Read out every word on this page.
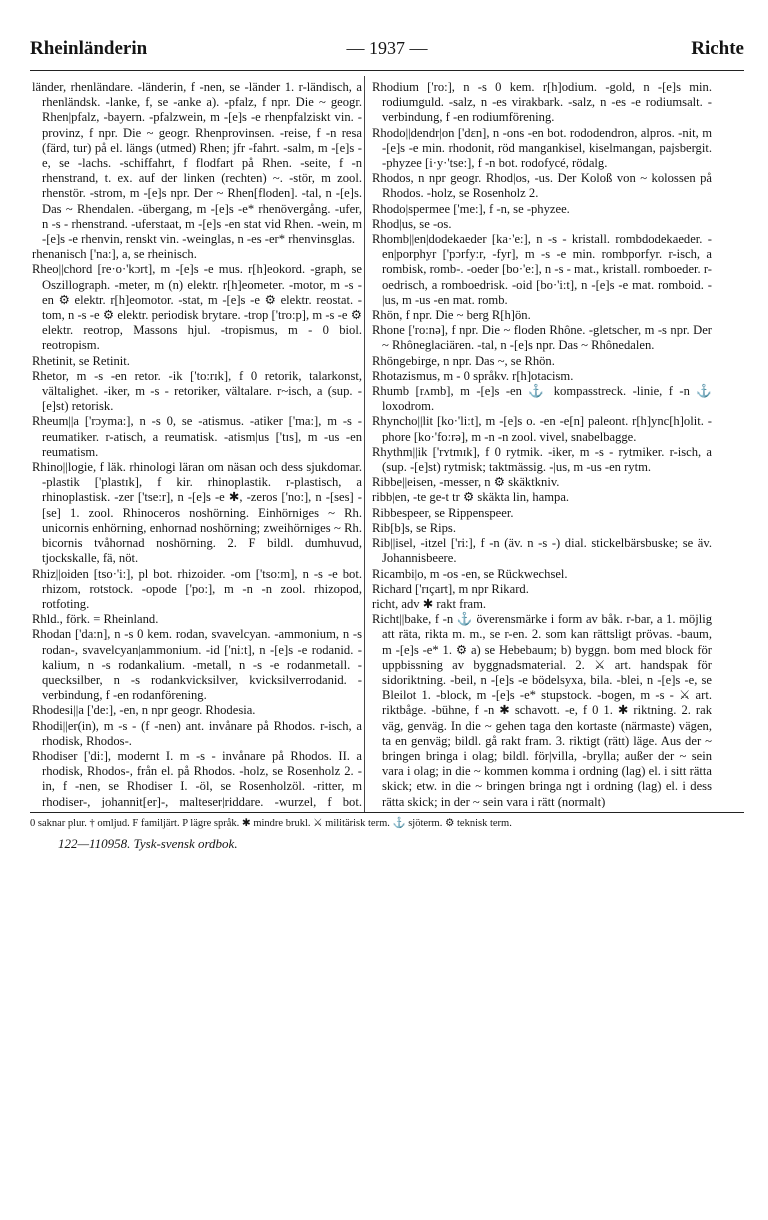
Rheinländerin	— 1937 —	Richte

länder, rhenländare. -länderin, f -nen, se -länder 1. r-ländisch, a rhenländsk. -lanke, f, se -anke a). -pfalz, f npr. Die ~ geogr. Rhen|pfalz, -bayern. -pfalzwein, m -[e]s -e rhenpfalziskt vin. -provinz, f npr. Die ~ geogr. Rhenprovinsen. -reise, f -n resa (färd, tur) på el. längs (utmed) Rhen; jfr -fahrt. -salm, m -[e]s -e, se -lachs. -schiffahrt, f flodfart på Rhen. -seite, f -n rhenstrand, t. ex. auf der linken (rechten) ~. -stör, m zool. rhenstör. -strom, m -[e]s npr. Der ~ Rhen[floden]. -tal, n -[e]s. Das ~ Rhendalen. -übergang, m -[e]s -e* rhenövergång. -ufer, n -s - rhenstrand. -uferstaat, m -[e]s -en stat vid Rhen. -wein, m -[e]s -e rhenvin, renskt vin. -weinglas, n -es -er* rhenvinsglas.

rhenanisch ['na:], a, se rheinisch.

Rheo||chord [re·o·'kɔrt], m -[e]s -e mus. r[h]eokord. -graph, se Oszillograph. -meter, m (n) elektr. r[h]eometer. -motor, m -s -en ⚙ elektr. r[h]eomotor. -stat, m -[e]s -e ⚙ elektr. reostat. -tom, n -s -e ⚙ elektr. periodisk brytare. -trop ['tro:p], m -s -e ⚙ elektr. reotrop, Massons hjul. -tropismus, m - 0 biol. reotropism.

Rhetinit, se Retinit.

Rhetor, m -s -en retor. -ik ['to:rɪk], f 0 retorik, talarkonst, vältalighet. -iker, m -s - retoriker, vältalare. r~isch, a (sup. -[e]st) retorisk.

Rheum||a ['rɔyma:], n -s 0, se -atismus. -atiker ['ma:], m -s - reumatiker. r-atisch, a reumatisk. -atism|us ['tɪs], m -us -en reumatism.

Rhino||logie, f läk. rhinologi läran om näsan och dess sjukdomar. -plastik ['plastɪk], f kir. rhinoplastik. r-plastisch, a rhinoplastisk. -zer ['tse:r], n -[e]s -e ✱, -zeros ['no:], n -[ses] -[se] 1. zool. Rhinoceros noshörning. Einhörniges ~ Rh. unicornis enhörning, enhornad noshörning; zweihörniges ~ Rh. bicornis tvåhornad noshörning. 2. F bildl. dumhuvud, tjockskalle, fä, nöt.

Rhiz||oiden [tso·'i:], pl bot. rhizoider. -om ['tso:m], n -s -e bot. rhizom, rotstock. -opode ['po:], m -n -n zool. rhizopod, rotfoting.

Rhld., förk. = Rheinland.

Rhodan ['da:n], n -s 0 kem. rodan, svavelcyan. -ammonium, n -s rodan-, svavelcyan|ammonium. -id ['ni:t], n -[e]s -e rodanid. -kalium, n -s rodankalium. -metall, n -s -e rodanmetall. -quecksilber, n -s rodankvicksilver, kvicksilverrodanid. -verbindung, f -en rodanförening.

Rhodesi||a ['de:], -en, n npr geogr. Rhodesia.

Rhodi||er(in), m -s - (f -nen) ant. invånare på Rhodos. r-isch, a rhodisk, Rhodos-.

Rhodiser ['di:], modernt I. m -s - invånare på Rhodos. II. a rhodisk, Rhodos-, från el. på Rhodos. -holz, se Rosenholz 2. -in, f -nen, se Rhodiser I. -öl, se Rosenholzöl. -ritter, m rhodiser-, johannit[er]-, malteser|riddare. -wurzel, f bot.

Rhodium ['ro:], n -s 0 kem. r[h]odium. -gold, n -[e]s min. rodiumguld. -salz, n -es virakbark. -salz, n -es -e rodiumsalt. -verbindung, f -en rodiumförening.

Rhodo||dendr|on ['dɛn], n -ons -en bot. rododendron, alpros. -nit, m -[e]s -e min. rhodonit, röd mangankisel, kiselmangan, pajsbergit. -phyzee [i·y·'tse:], f -n bot. rodofycé, rödalg.

Rhodos, n npr geogr. Rhod|os, -us. Der Koloß von ~ kolossen på Rhodos. -holz, se Rosenholz 2.

Rhodo|spermee ['me:], f -n, se -phyzee.

Rhod|us, se -os.

Rhomb||en|dodekaeder [ka·'e:], n -s - kristall. rombdodekaeder. -en|porphyr ['pɔrfy:r, -fyr], m -s -e min. rombporfyr. r-isch, a rombisk, romb-. -oeder [bo·'e:], n -s - mat., kristall. romboeder. r-oedrisch, a romboedrisk. -oid [bo·'i:t], n -[e]s -e mat. romboid. -|us, m -us -en mat. romb.

Rhön, f npr. Die ~ berg R[h]ön.

Rhone ['ro:nə], f npr. Die ~ floden Rhône. -gletscher, m -s npr. Der ~ Rhôneglaciären. -tal, n -[e]s npr. Das ~ Rhônedalen.

Rhöngebirge, n npr. Das ~, se Rhön.

Rhotazismus, m - 0 språkv. r[h]otacism.

Rhumb [rʌmb], m -[e]s -en ⚓ kompasstreck. -linie, f -n ⚓ loxodrom.

Rhyncho||lit [ko·'li:t], m -[e]s o. -en -e[n] paleont. r[h]ync[h]olit. -phore [ko·'fo:rə], m -n -n zool. vivel, snabelbagge.

Rhythm||ik ['rʏtmɪk], f 0 rytmik. -iker, m -s - rytmiker. r-isch, a (sup. -[e]st) rytmisk; taktmässig. -|us, m -us -en rytm.

Ribbe||eisen, -messer, n ⚙ skäktkniv.

ribb|en, -te ge-t tr ⚙ skäkta lin, hampa.

Ribbespeer, se Rippenspeer.

Rib[b]s, se Rips.

Rib||isel, -itzel ['ri:], f -n (äv. n -s -) dial. stickelbärsbuske; se äv. Johannisbeere.

Ricambi|o, m -os -en, se Rückwechsel.

Richard ['rɪçart], m npr Rikard.

richt, adv ✱ rakt fram.

Richt||bake, f -n ⚓ överensmärke i form av båk. r-bar, a 1. möjlig att räta, rikta m. m., se r-en. 2. som kan rättsligt prövas. -baum, m -[e]s -e* 1. ⚙ a) se Hebebaum; b) byggn. bom med block för uppbissning av byggnadsmaterial. 2. ⚔ art. handspak för sidoriktning. -beil, n -[e]s -e bödelsyxa, bila. -blei, n -[e]s -e, se Bleilot 1. -block, m -[e]s -e* stupstock. -bogen, m -s - ⚔ art. riktbåge. -bühne, f -n ✱ schavott. -e, f 0 1. ✱ riktning. 2. rak väg, genväg. In die ~ gehen taga den kortaste (närmaste) vägen, ta en genväg; bildl. gå rakt fram. 3. riktigt (rätt) läge. Aus der ~ bringen bringa i olag; bildl. för|villa, -brylla; außer der ~ sein vara i olag; in die ~ kommen komma i ordning (lag) el. i sitt rätta skick; etw. in die ~ bringen bringa ngt i ordning (lag) el. i dess rätta skick; in der ~ sein vara i rätt (normalt)

0 saknar plur. † omljud. F familjärt. P lägre språk. ✱ mindre brukl. ⚔ militärisk term. ⚓ sjöterm. ⚙ teknisk term.
122—110958. Tysk-svensk ordbok.
